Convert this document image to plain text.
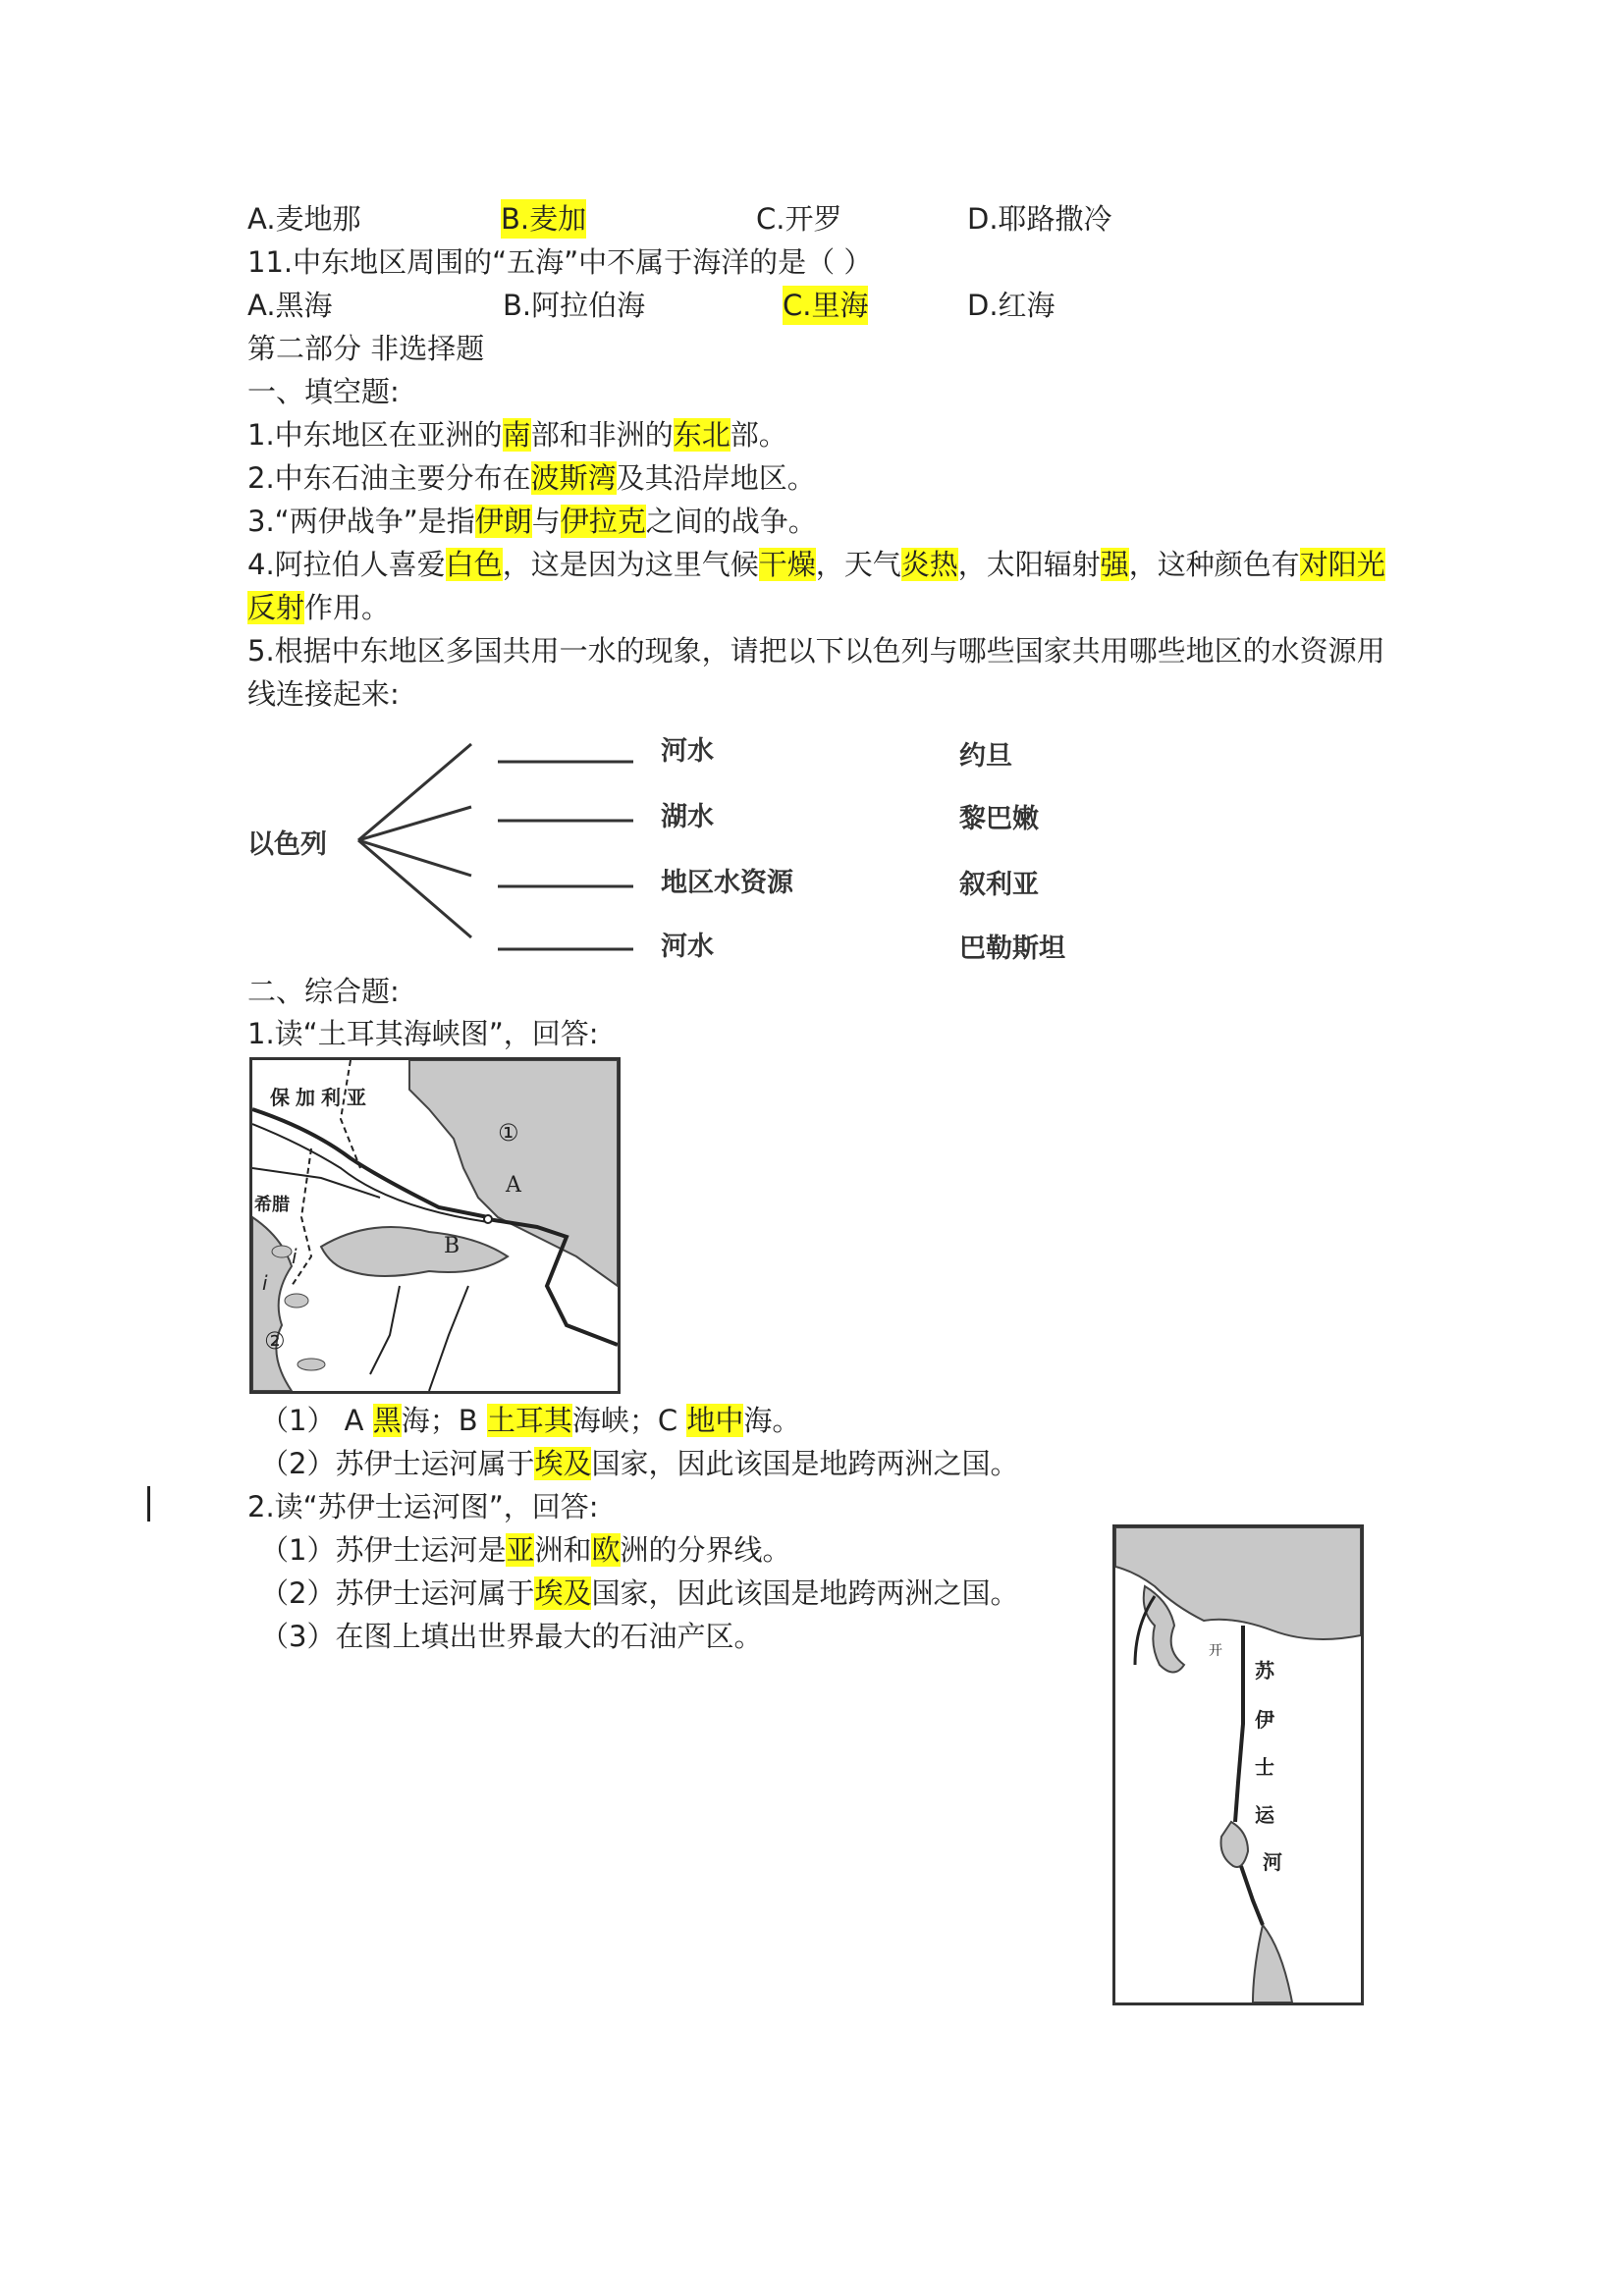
A.麦地那	B.麦加	C.开罗	D.耶路撒冷
11.中东地区周围的“五海”中不属于海洋的是（ ）
A.黑海	B.阿拉伯海	C.里海	D.红海
第二部分 非选择题
一、填空题:
1.中东地区在亚洲的南部和非洲的东北部。
2.中东石油主要分布在波斯湾及其沿岸地区。
3.“两伊战争”是指伊朗与伊拉克之间的战争。
4.阿拉伯人喜爱白色，这是因为这里气候干燥，天气炎热，太阳辐射强，这种颜色有对阳光
反射作用。
5.根据中东地区多国共用一水的现象，请把以下以色列与哪些国家共用哪些地区的水资源用
线连接起来:
以色列
河水
湖水
地区水资源
河水
约旦
黎巴嫩
叙利亚
巴勒斯坦
二、综合题:
1.读“土耳其海峡图”，回答:
保加利亚
希腊
①
A
B
②
i
i
（1） A 黑海；B 土耳其海峡；C 地中海。
（2）苏伊士运河属于埃及国家，因此该国是地跨两洲之国。
2.读“苏伊士运河图”，回答:
（1）苏伊士运河是亚洲和欧洲的分界线。
（2）苏伊士运河属于埃及国家，因此该国是地跨两洲之国。
（3）在图上填出世界最大的石油产区。
苏
伊
士
运
河
开
